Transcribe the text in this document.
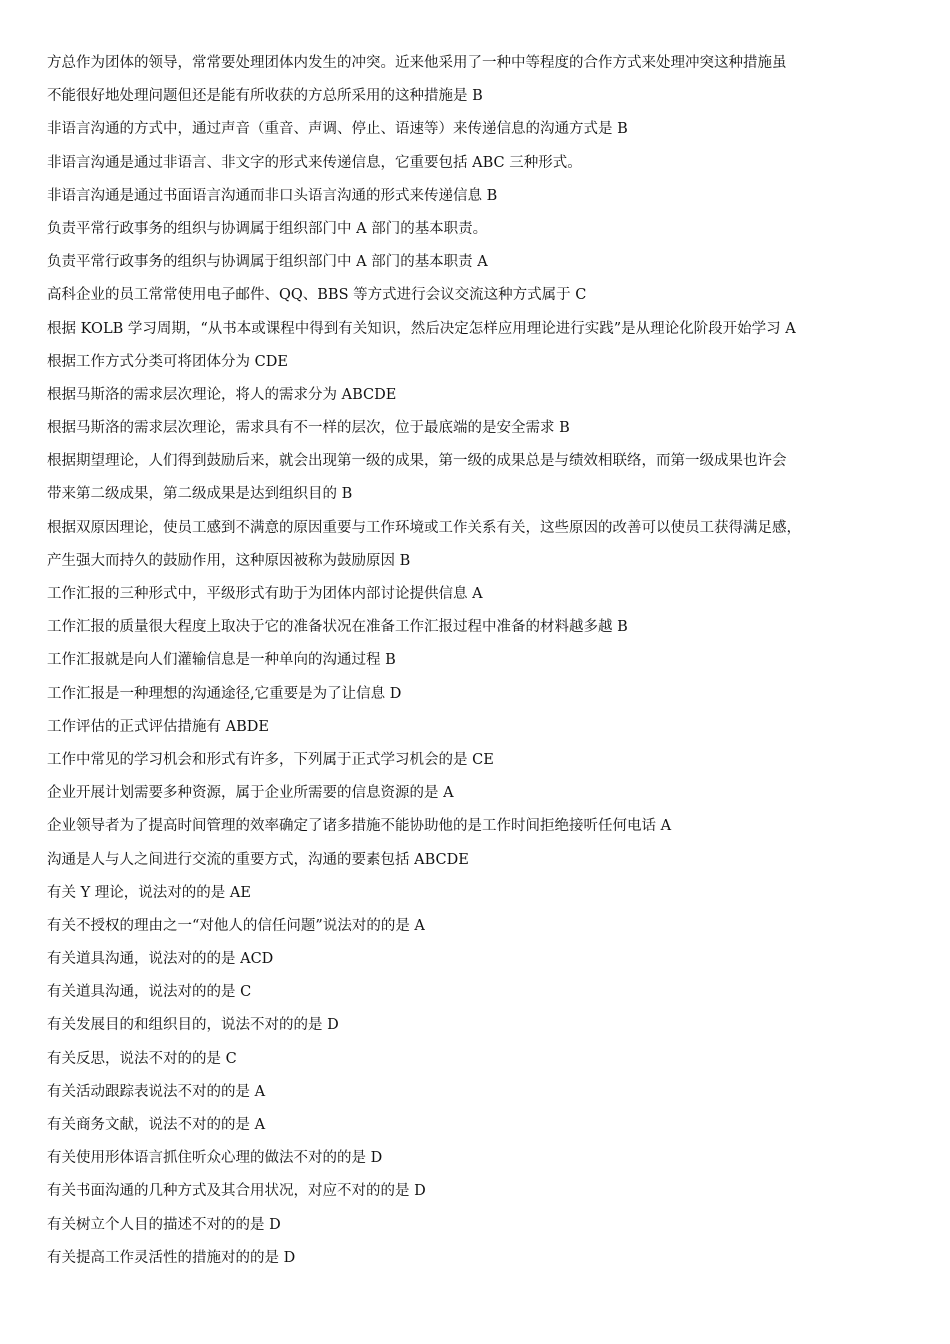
方总作为团体的领导，常常要处理团体内发生的冲突。近来他采用了一种中等程度的合作方式来处理冲突这种措施虽

不能很好地处理问题但还是能有所收获的方总所采用的这种措施是 B

非语言沟通的方式中，通过声音（重音、声调、停止、语速等）来传递信息的沟通方式是 B

非语言沟通是通过非语言、非文字的形式来传递信息，它重要包括 ABC 三种形式。

非语言沟通是通过书面语言沟通而非口头语言沟通的形式来传递信息 B

负责平常行政事务的组织与协调属于组织部门中 A 部门的基本职责。

负责平常行政事务的组织与协调属于组织部门中 A 部门的基本职责 A

高科企业的员工常常使用电子邮件、QQ、BBS 等方式进行会议交流这种方式属于 C

根据 KOLB 学习周期，“从书本或课程中得到有关知识，然后决定怎样应用理论进行实践”是从理论化阶段开始学习 A

根据工作方式分类可将团体分为 CDE

根据马斯洛的需求层次理论，将人的需求分为 ABCDE

根据马斯洛的需求层次理论，需求具有不一样的层次，位于最底端的是安全需求 B

根据期望理论，人们得到鼓励后来，就会出现第一级的成果，第一级的成果总是与绩效相联络，而第一级成果也许会

带来第二级成果，第二级成果是达到组织目的 B

根据双原因理论，使员工感到不满意的原因重要与工作环境或工作关系有关，这些原因的改善可以使员工获得满足感，

产生强大而持久的鼓励作用，这种原因被称为鼓励原因 B

工作汇报的三种形式中，平级形式有助于为团体内部讨论提供信息 A

工作汇报的质量很大程度上取决于它的准备状况在准备工作汇报过程中准备的材料越多越 B

工作汇报就是向人们灌输信息是一种单向的沟通过程 B

工作汇报是一种理想的沟通途径,它重要是为了让信息 D

工作评估的正式评估措施有 ABDE

工作中常见的学习机会和形式有许多，下列属于正式学习机会的是 CE

企业开展计划需要多种资源，属于企业所需要的信息资源的是 A

企业领导者为了提高时间管理的效率确定了诸多措施不能协助他的是工作时间拒绝接听任何电话 A

沟通是人与人之间进行交流的重要方式，沟通的要素包括 ABCDE

有关 Y 理论，说法对的的是 AE

有关不授权的理由之一“对他人的信任问题”说法对的的是 A

有关道具沟通，说法对的的是 ACD

有关道具沟通，说法对的的是 C

有关发展目的和组织目的，说法不对的的是 D

有关反思，说法不对的的是 C

有关活动跟踪表说法不对的的是 A

有关商务文献，说法不对的的是 A

有关使用形体语言抓住听众心理的做法不对的的是 D

有关书面沟通的几种方式及其合用状况，对应不对的的是 D

有关树立个人目的描述不对的的是 D

有关提高工作灵活性的措施对的的是 D
